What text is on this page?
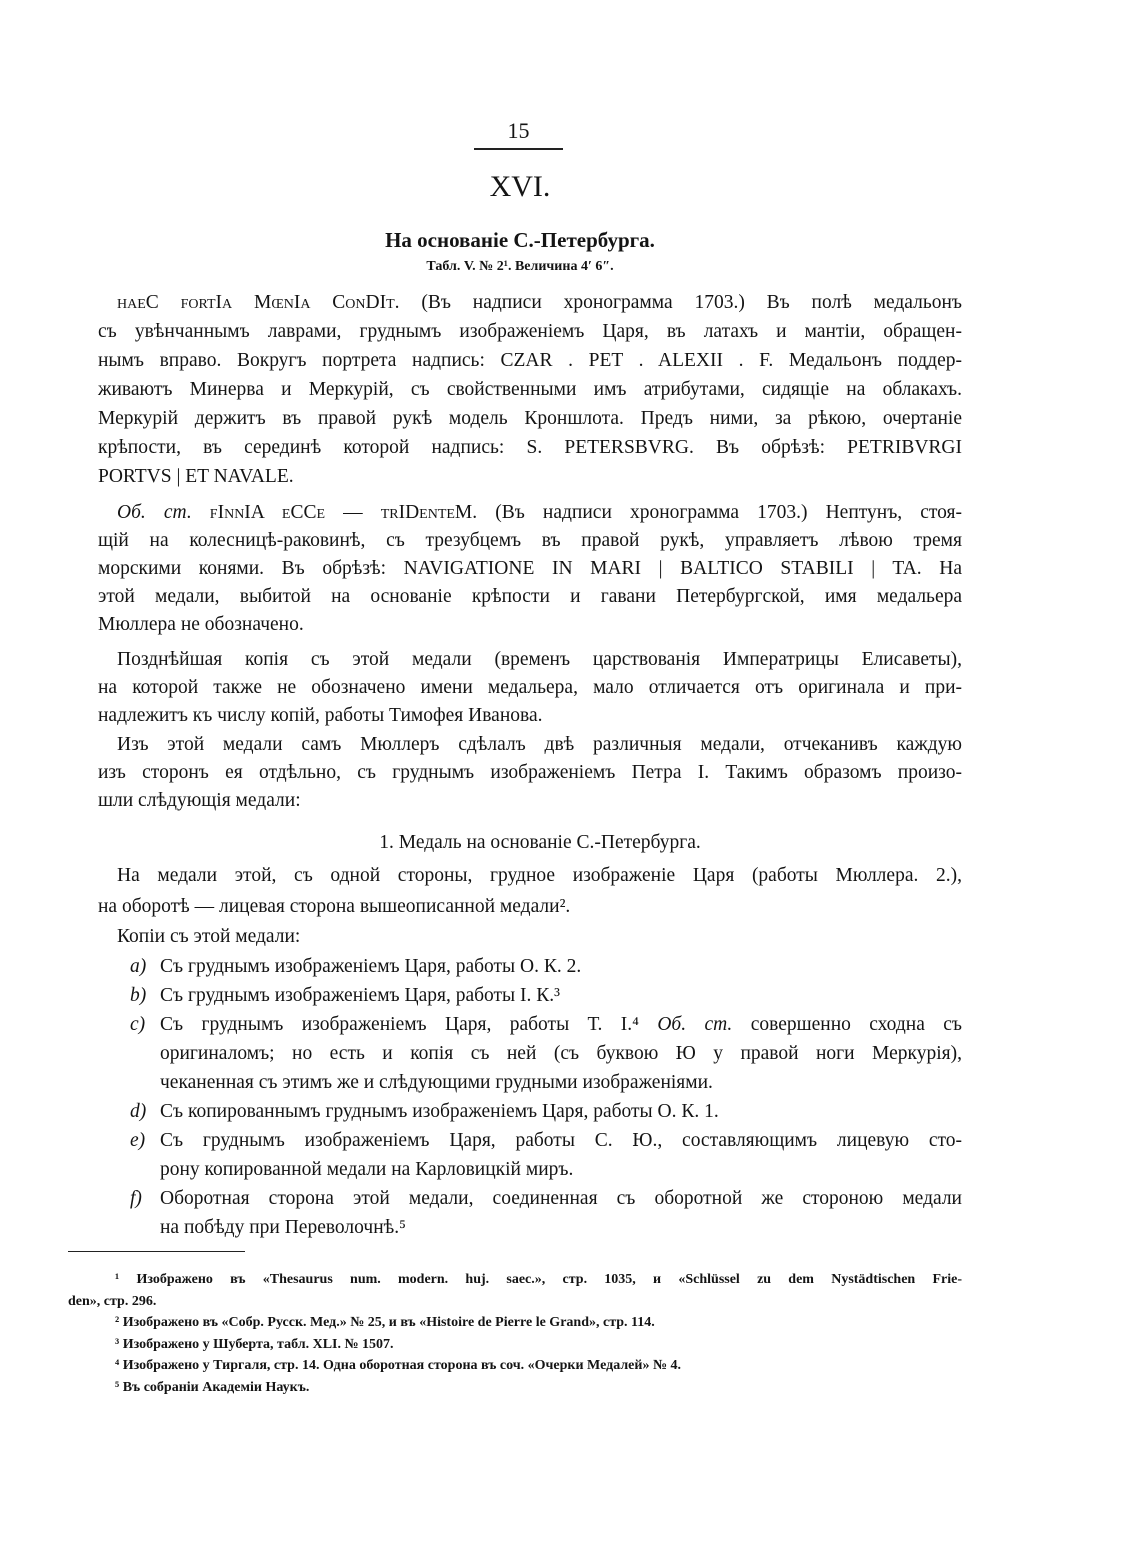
15
XVI.
На основаніе С.-Петербурга.
Табл. V. № 2¹. Величина 4′ 6″.
haeC fortIa MœnIa ConDIt. (Въ надписи хронограмма 1703.) Въ полѣ медальонъ
съ увѣнчаннымъ лаврами, груднымъ изображеніемъ Царя, въ латахъ и мантіи, обращен-
нымъ вправо. Вокругъ портрета надпись: CZAR . PET . ALEXII . F. Медальонъ поддер-
живаютъ Минерва и Меркурій, съ свойственными имъ атрибутами, сидящіе на облакахъ.
Меркурій держитъ въ правой рукѣ модель Кроншлота. Предъ ними, за рѣкою, очертаніе
крѣпости, въ серединѣ которой надпись: S. PETERSBVRG. Въ обрѣзѣ: PETRIBVRGI
PORTVS | ET NAVALE.
Об. ст. fInnIA eCCe — trIDenteM. (Въ надписи хронограмма 1703.) Нептунъ, стоя-
щій на колесницѣ-раковинѣ, съ трезубцемъ въ правой рукѣ, управляетъ лѣвою тремя
морскими конями. Въ обрѣзѣ: NAVIGATIONE IN MARI | BALTICO STABILI | TA. На
этой медали, выбитой на основаніе крѣпости и гавани Петербургской, имя медальера
Мюллера не обозначено.
Позднѣйшая копія съ этой медали (временъ царствованія Императрицы Елисаветы),
на которой также не обозначено имени медальера, мало отличается отъ оригинала и при-
надлежитъ къ числу копій, работы Тимофея Иванова.
Изъ этой медали самъ Мюллеръ сдѣлалъ двѣ различныя медали, отчеканивъ каждую
изъ сторонъ ея отдѣльно, съ груднымъ изображеніемъ Петра I. Такимъ образомъ произо-
шли слѣдующія медали:
1. Медаль на основаніе С.-Петербурга.
На медали этой, съ одной стороны, грудное изображеніе Царя (работы Мюллера. 2.),
на оборотѣ — лицевая сторона вышеописанной медали².
Копіи съ этой медали:
a) Съ груднымъ изображеніемъ Царя, работы О. К. 2.
b) Съ груднымъ изображеніемъ Царя, работы I. К.³
c) Съ груднымъ изображеніемъ Царя, работы Т. I.⁴ Об. ст. совершенно сходна съ
оригиналомъ; но есть и копія съ ней (съ буквою Ю у правой ноги Меркурія),
чеканенная съ этимъ же и слѣдующими грудными изображеніями.
d) Съ копированнымъ груднымъ изображеніемъ Царя, работы О. К. 1.
e) Съ груднымъ изображеніемъ Царя, работы С. Ю., составляющимъ лицевую сто-
рону копированной медали на Карловицкій миръ.
f) Оборотная сторона этой медали, соединенная съ оборотной же стороною медали
на побѣду при Переволочнѣ.⁵
¹ Изображено въ «Thesaurus num. modern. huj. saec.», стр. 1035, и «Schlüssel zu dem Nystädtischen Frie-
den», стр. 296.
² Изображено въ «Собр. Русск. Мед.» № 25, и въ «Histoire de Pierre le Grand», стр. 114.
³ Изображено у Шуберта, табл. XLI. № 1507.
⁴ Изображено у Тиргаля, стр. 14. Одна оборотная сторона въ соч. «Очерки Медалей» № 4.
⁵ Въ собраніи Академіи Наукъ.
